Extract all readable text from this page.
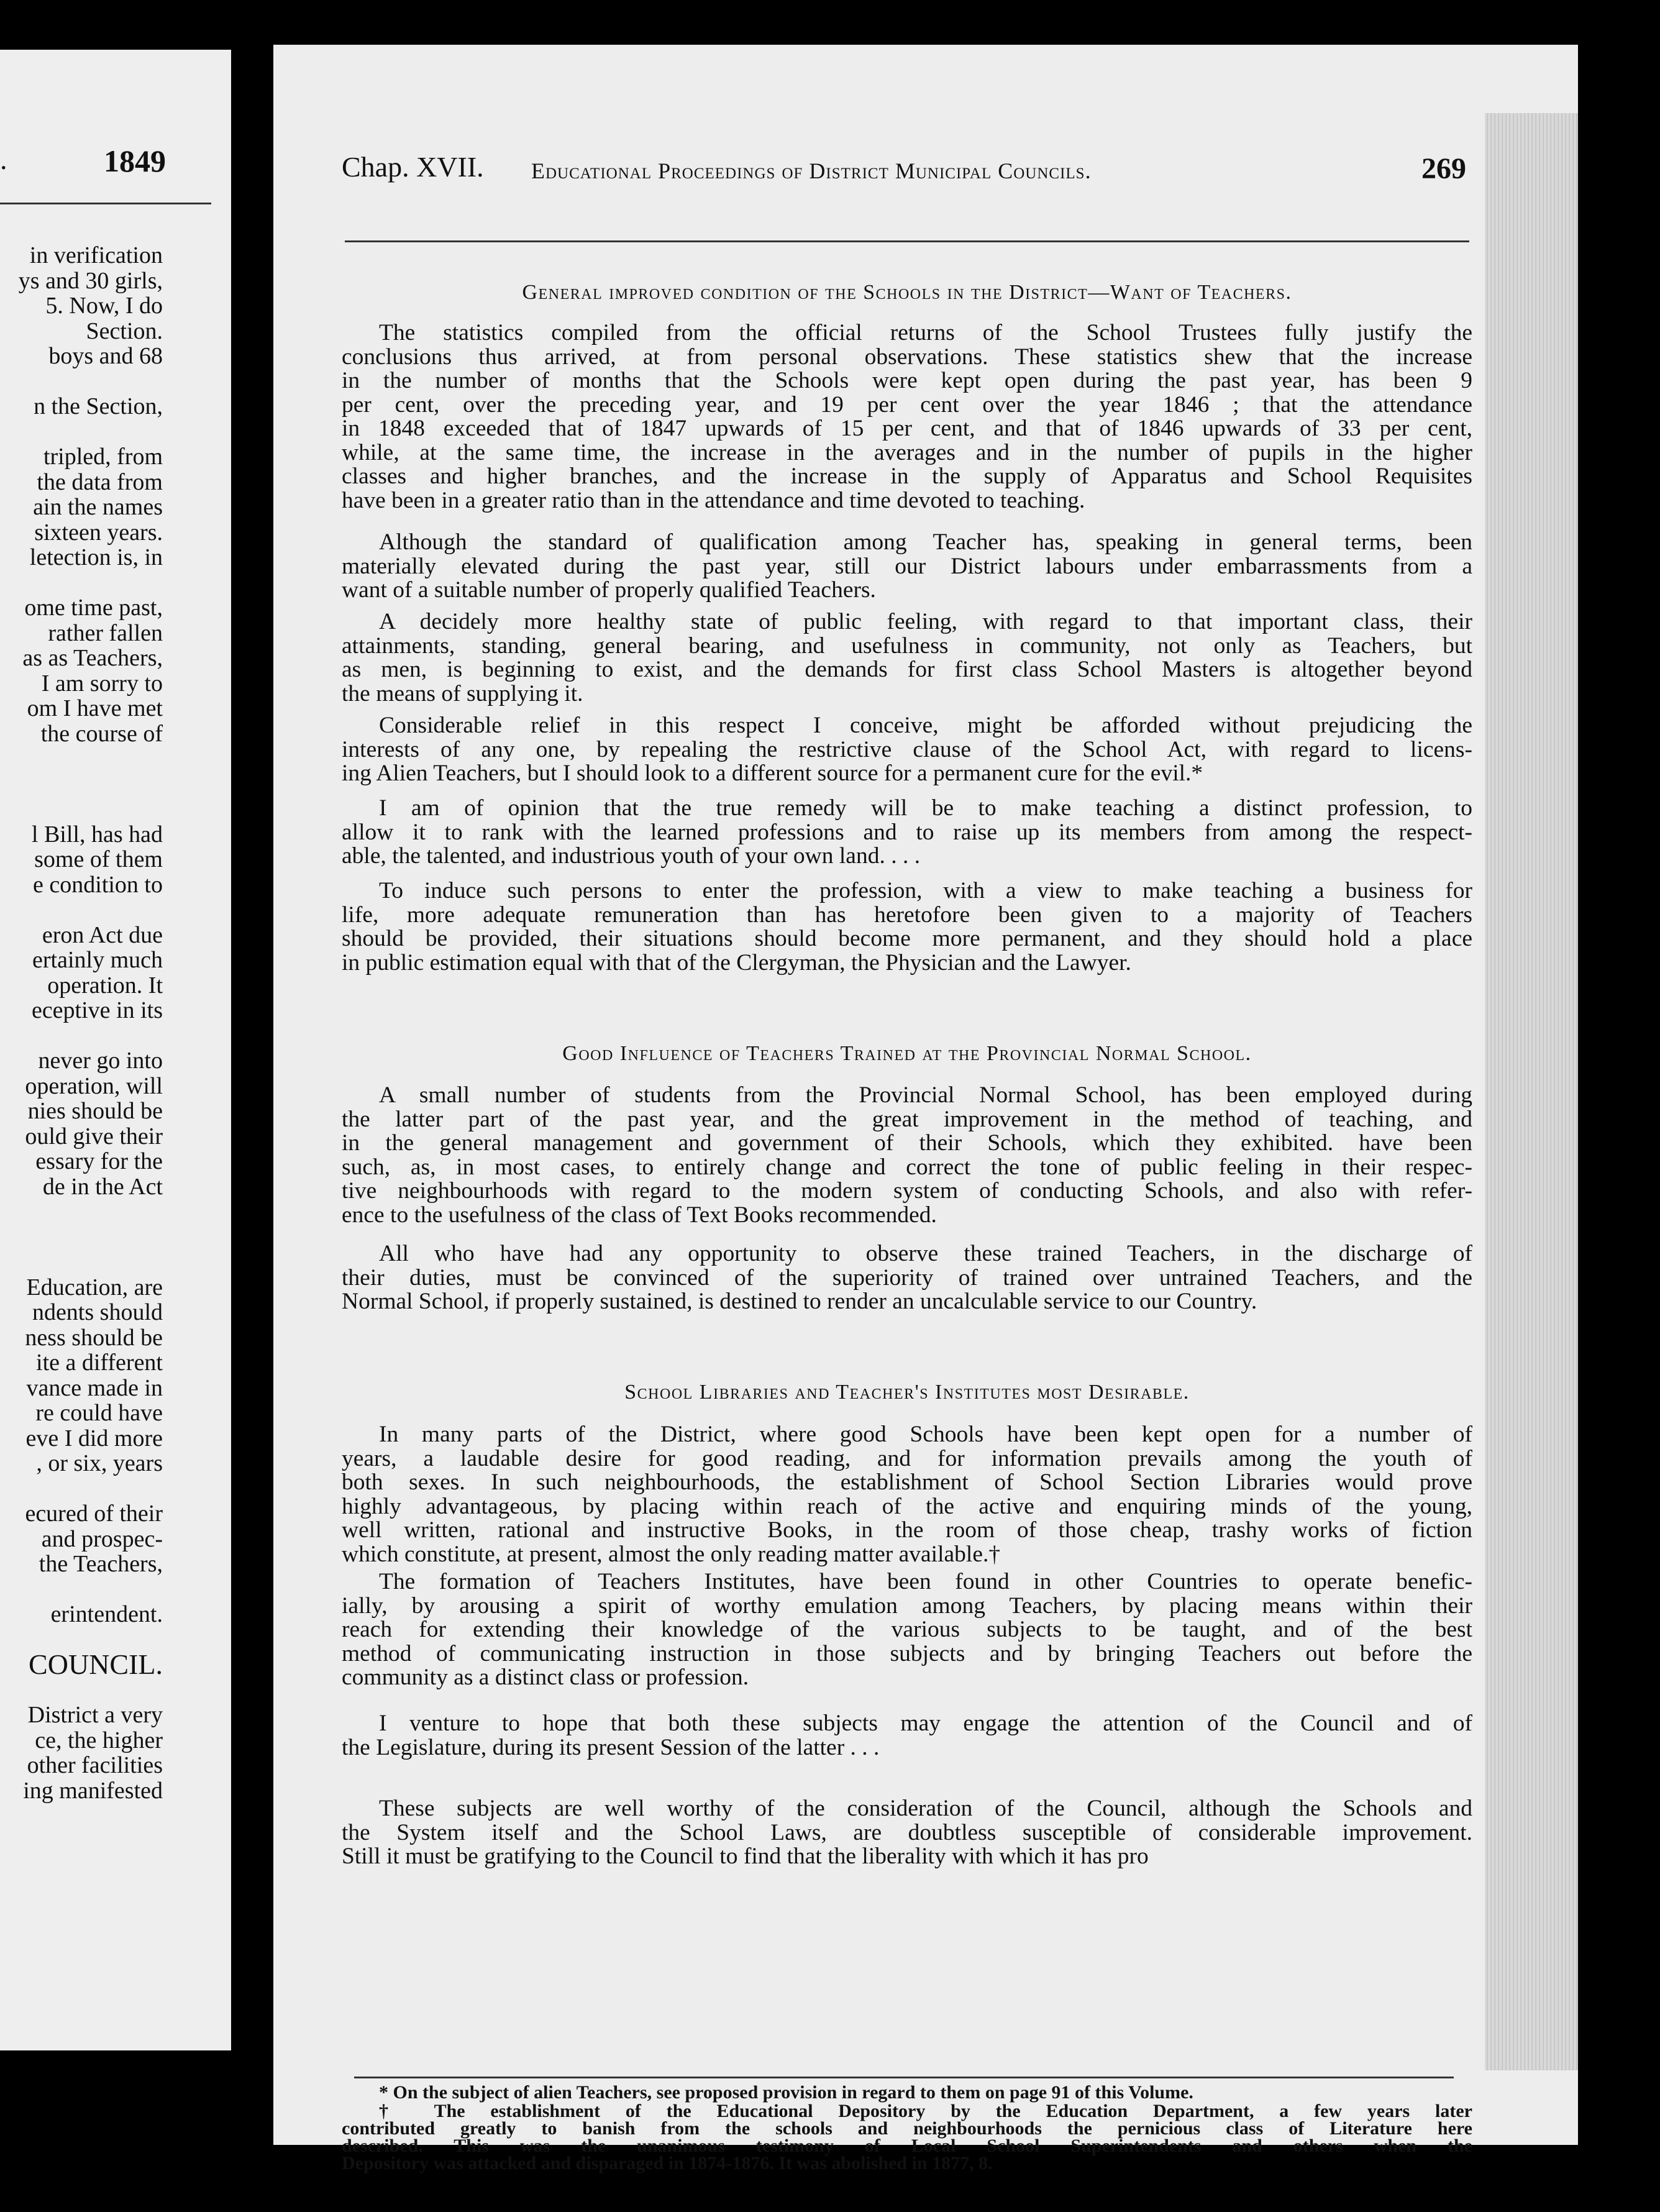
.	1849
in verification
ys and 30 girls,
5. Now, I do
Section.
boys and 68
n the Section,
tripled, from
the data from
ain the names
sixteen years.
letection is, in
ome time past,
rather fallen
as as Teachers,
I am sorry to
om I have met
the course of
l Bill, has had
some of them
e condition to
eron Act due
ertainly much
operation. It
eceptive in its
never go into
operation, will
nies should be
ould give their
essary for the
de in the Act
Education, are
ndents should
ness should be
ite a different
vance made in
re could have
eve I did more
, or six, years
ecured of their
and prospec-
the Teachers,
erintendent.
COUNCIL.
District a very
ce, the higher
other facilities
ing manifested
Chap. XVII. Educational Proceedings of District Municipal Councils.	269
General improved condition of the Schools in the District—Want of Teachers.
The statistics compiled from the official returns of the School Trustees fully justify the
conclusions thus arrived, at from personal observations. These statistics shew that the increase
in the number of months that the Schools were kept open during the past year, has been 9
per cent, over the preceding year, and 19 per cent over the year 1846 ; that the attendance
in 1848 exceeded that of 1847 upwards of 15 per cent, and that of 1846 upwards of 33 per cent,
while, at the same time, the increase in the averages and in the number of pupils in the higher
classes and higher branches, and the increase in the supply of Apparatus and School Requisites
have been in a greater ratio than in the attendance and time devoted to teaching.
Although the standard of qualification among Teacher has, speaking in general terms, been
materially elevated during the past year, still our District labours under embarrassments from a
want of a suitable number of properly qualified Teachers.
A decidely more healthy state of public feeling, with regard to that important class, their
attainments, standing, general bearing, and usefulness in community, not only as Teachers, but
as men, is beginning to exist, and the demands for first class School Masters is altogether beyond
the means of supplying it.
Considerable relief in this respect I conceive, might be afforded without prejudicing the
interests of any one, by repealing the restrictive clause of the School Act, with regard to licens-
ing Alien Teachers, but I should look to a different source for a permanent cure for the evil.*
I am of opinion that the true remedy will be to make teaching a distinct profession, to
allow it to rank with the learned professions and to raise up its members from among the respect-
able, the talented, and industrious youth of your own land. . . .
To induce such persons to enter the profession, with a view to make teaching a business for
life, more adequate remuneration than has heretofore been given to a majority of Teachers
should be provided, their situations should become more permanent, and they should hold a place
in public estimation equal with that of the Clergyman, the Physician and the Lawyer.
Good Influence of Teachers Trained at the Provincial Normal School.
A small number of students from the Provincial Normal School, has been employed during
the latter part of the past year, and the great improvement in the method of teaching, and
in the general management and government of their Schools, which they exhibited. have been
such, as, in most cases, to entirely change and correct the tone of public feeling in their respec-
tive neighbourhoods with regard to the modern system of conducting Schools, and also with refer-
ence to the usefulness of the class of Text Books recommended.
All who have had any opportunity to observe these trained Teachers, in the discharge of
their duties, must be convinced of the superiority of trained over untrained Teachers, and the
Normal School, if properly sustained, is destined to render an uncalculable service to our Country.
School Libraries and Teacher's Institutes most Desirable.
In many parts of the District, where good Schools have been kept open for a number of
years, a laudable desire for good reading, and for information prevails among the youth of
both sexes. In such neighbourhoods, the establishment of School Section Libraries would prove
highly advantageous, by placing within reach of the active and enquiring minds of the young,
well written, rational and instructive Books, in the room of those cheap, trashy works of fiction
which constitute, at present, almost the only reading matter available.†
The formation of Teachers Institutes, have been found in other Countries to operate benefic-
ially, by arousing a spirit of worthy emulation among Teachers, by placing means within their
reach for extending their knowledge of the various subjects to be taught, and of the best
method of communicating instruction in those subjects and by bringing Teachers out before the
community as a distinct class or profession.
I venture to hope that both these subjects may engage the attention of the Council and of
the Legislature, during its present Session of the latter . . .
These subjects are well worthy of the consideration of the Council, although the Schools and
the System itself and the School Laws, are doubtless susceptible of considerable improvement.
Still it must be gratifying to the Council to find that the liberality with which it has pro
* On the subject of alien Teachers, see proposed provision in regard to them on page 91 of this Volume.
† The establishment of the Educational Depository by the Education Department, a few years later
contributed greatly to banish from the schools and neighbourhoods the pernicious class of Literature here
described. This was the unanimous testimony of Local School Superintendents and others when the
Depository was attacked and disparaged in 1874-1876. It was abolished in 1877, 8.
